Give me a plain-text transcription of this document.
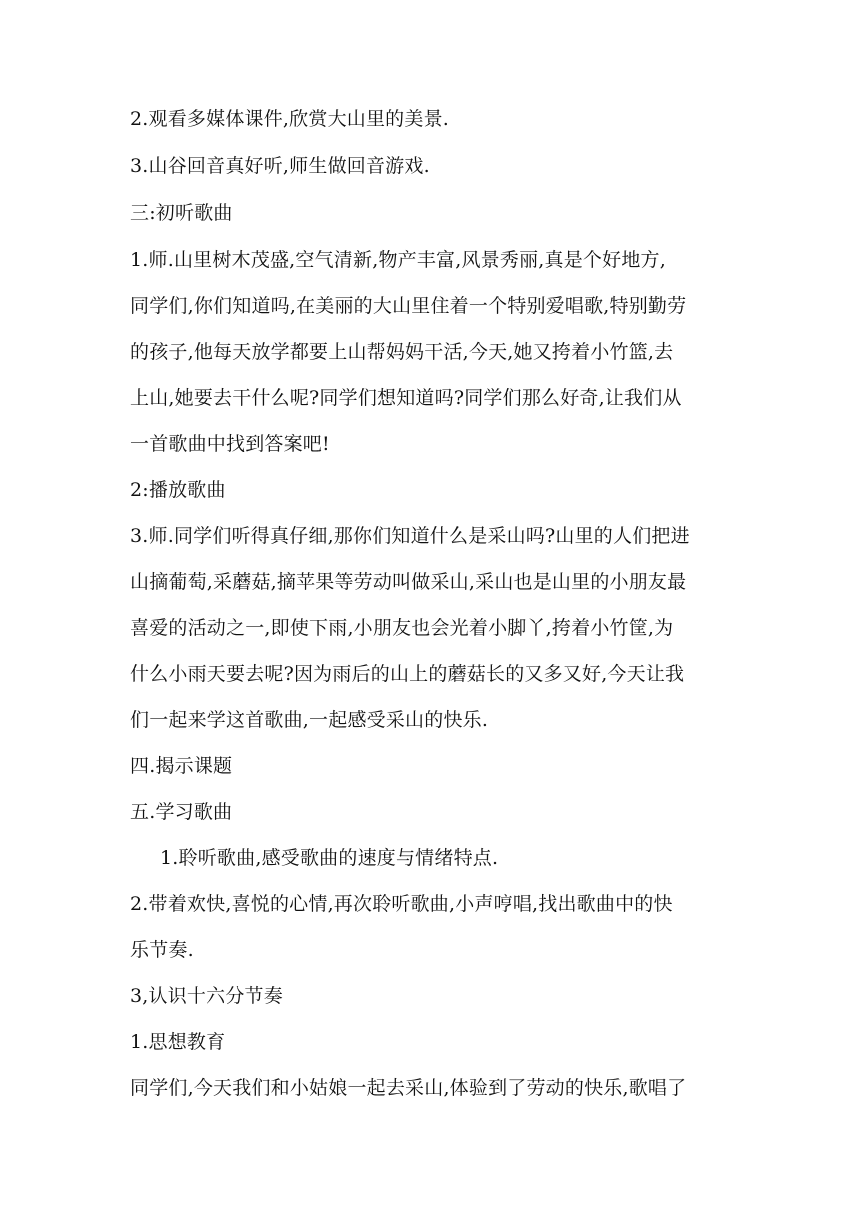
2.观看多媒体课件,欣赏大山里的美景.

3.山谷回音真好听,师生做回音游戏.

三:初听歌曲

1.师.山里树木茂盛,空气清新,物产丰富,风景秀丽,真是个好地方,
同学们,你们知道吗,在美丽的大山里住着一个特别爱唱歌,特别勤劳
的孩子,他每天放学都要上山帮妈妈干活,今天,她又挎着小竹篮,去
上山,她要去干什么呢?同学们想知道吗?同学们那么好奇,让我们从
一首歌曲中找到答案吧!

2:播放歌曲

3.师.同学们听得真仔细,那你们知道什么是采山吗?山里的人们把进
山摘葡萄,采蘑菇,摘苹果等劳动叫做采山,采山也是山里的小朋友最
喜爱的活动之一,即使下雨,小朋友也会光着小脚丫,挎着小竹筐,为
什么小雨天要去呢?因为雨后的山上的蘑菇长的又多又好,今天让我
们一起来学这首歌曲,一起感受采山的快乐.

四.揭示课题

五.学习歌曲

1.聆听歌曲,感受歌曲的速度与情绪特点.

2.带着欢快,喜悦的心情,再次聆听歌曲,小声哼唱,找出歌曲中的快
乐节奏.

3,认识十六分节奏

1.思想教育

同学们,今天我们和小姑娘一起去采山,体验到了劳动的快乐,歌唱了
